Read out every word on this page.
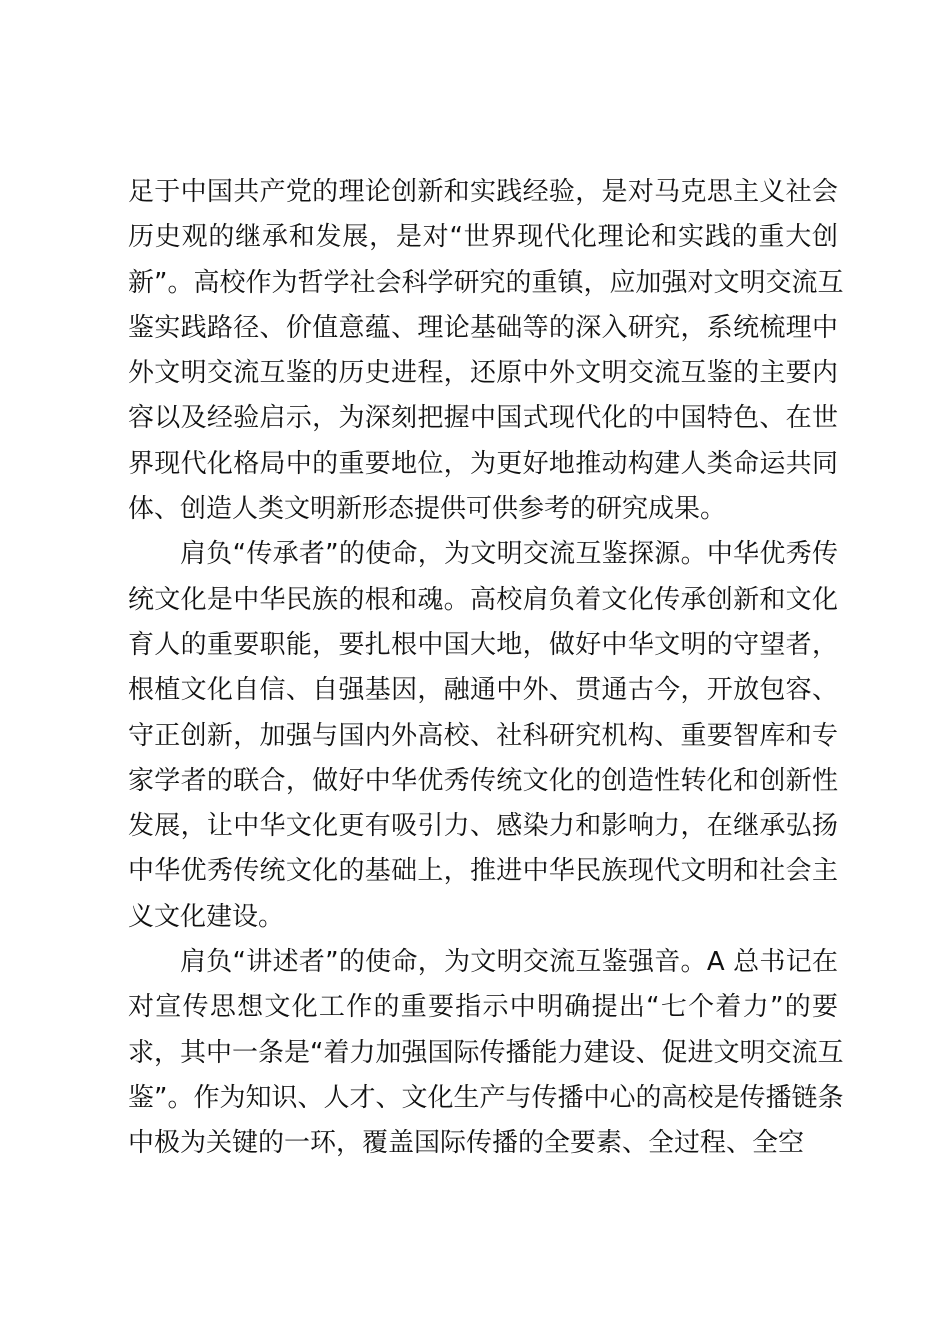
足于中国共产党的理论创新和实践经验，是对马克思主义社会
历史观的继承和发展，是对“世界现代化理论和实践的重大创
新”。高校作为哲学社会科学研究的重镇，应加强对文明交流互
鉴实践路径、价值意蕴、理论基础等的深入研究，系统梳理中
外文明交流互鉴的历史进程，还原中外文明交流互鉴的主要内
容以及经验启示，为深刻把握中国式现代化的中国特色、在世
界现代化格局中的重要地位，为更好地推动构建人类命运共同
体、创造人类文明新形态提供可供参考的研究成果。
肩负“传承者”的使命，为文明交流互鉴探源。中华优秀传
统文化是中华民族的根和魂。高校肩负着文化传承创新和文化
育人的重要职能，要扎根中国大地，做好中华文明的守望者，
根植文化自信、自强基因，融通中外、贯通古今，开放包容、
守正创新，加强与国内外高校、社科研究机构、重要智库和专
家学者的联合，做好中华优秀传统文化的创造性转化和创新性
发展，让中华文化更有吸引力、感染力和影响力，在继承弘扬
中华优秀传统文化的基础上，推进中华民族现代文明和社会主
义文化建设。
肩负“讲述者”的使命，为文明交流互鉴强音。A 总书记在
对宣传思想文化工作的重要指示中明确提出“七个着力”的要
求，其中一条是“着力加强国际传播能力建设、促进文明交流互
鉴”。作为知识、人才、文化生产与传播中心的高校是传播链条
中极为关键的一环，覆盖国际传播的全要素、全过程、全空
